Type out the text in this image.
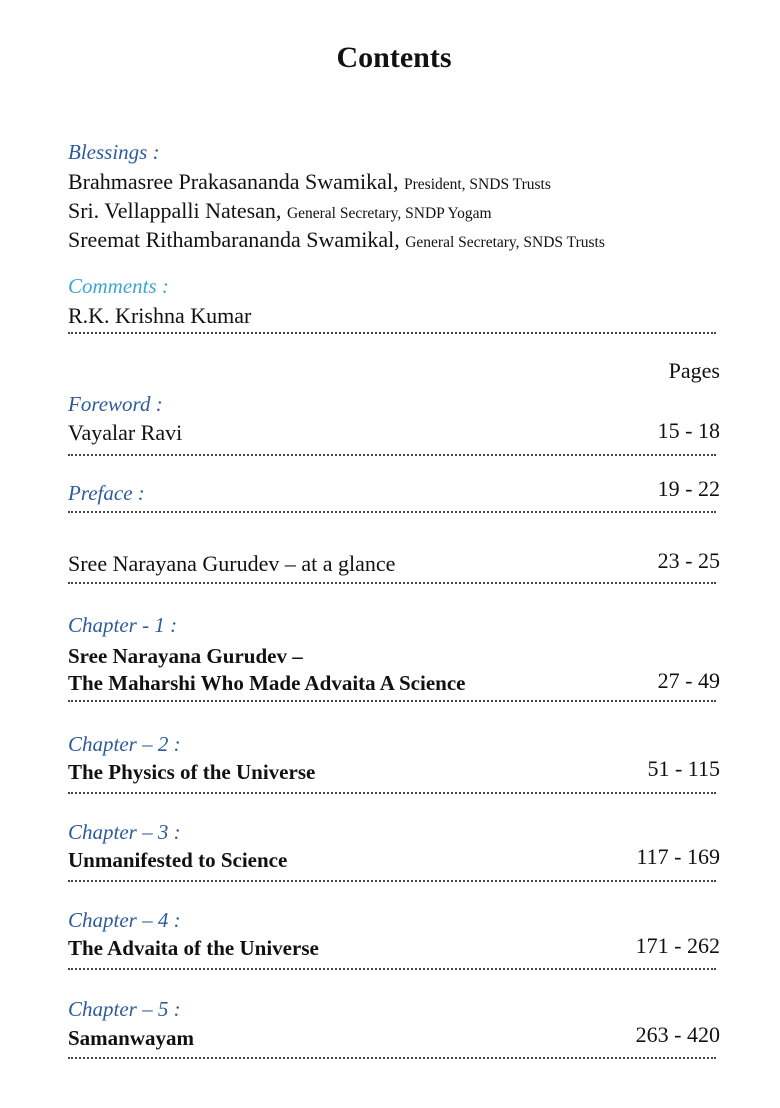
Contents
Blessings :
Brahmasree Prakasananda Swamikal, President, SNDS Trusts
Sri. Vellappalli Natesan, General Secretary, SNDP Yogam
Sreemat Rithambarananda Swamikal, General Secretary, SNDS Trusts
Comments :
R.K. Krishna Kumar
Pages
Foreword :
Vayalar Ravi	15 - 18
Preface :	19 - 22
Sree Narayana Gurudev – at a glance	23 - 25
Chapter - 1 :
Sree Narayana Gurudev –
The Maharshi Who Made Advaita A Science	27 - 49
Chapter – 2 :
The Physics of the Universe	51 - 115
Chapter – 3 :
Unmanifested to Science	117 - 169
Chapter – 4 :
The Advaita of the Universe	171 - 262
Chapter – 5 :
Samanwayam	263 - 420
